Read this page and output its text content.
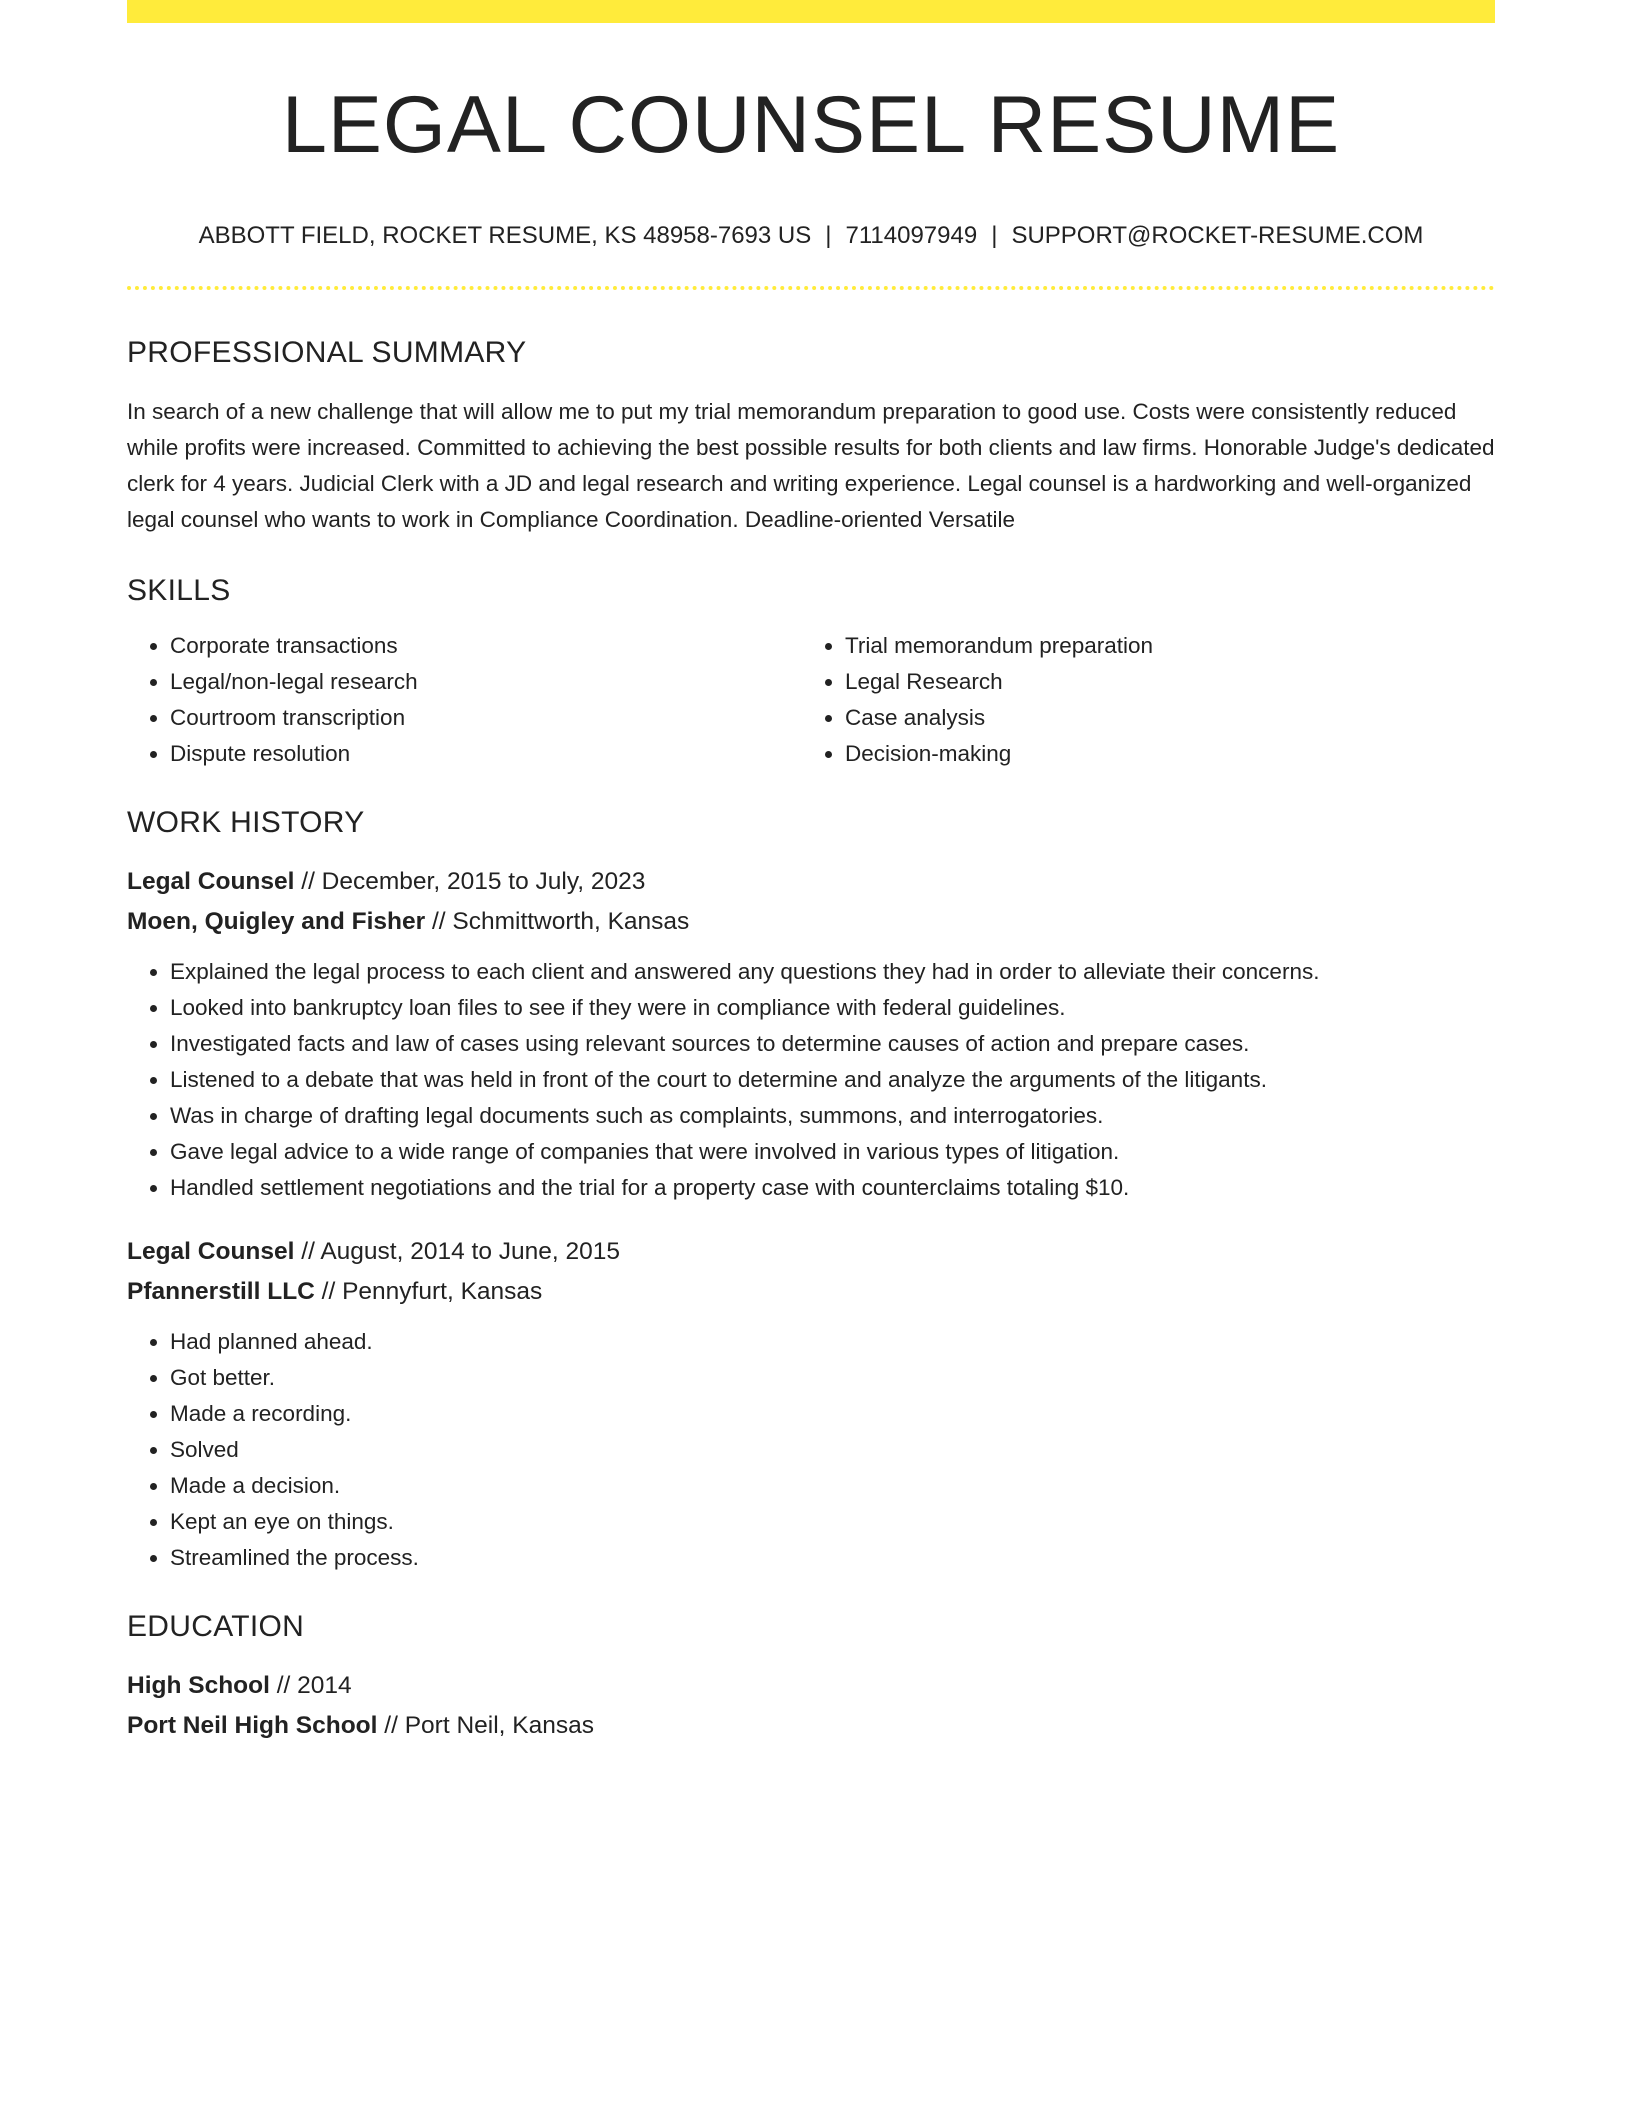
LEGAL COUNSEL RESUME
ABBOTT FIELD, ROCKET RESUME, KS 48958-7693 US | 7114097949 | SUPPORT@ROCKET-RESUME.COM
PROFESSIONAL SUMMARY

In search of a new challenge that will allow me to put my trial memorandum preparation to good use. Costs were consistently reduced while profits were increased. Committed to achieving the best possible results for both clients and law firms. Honorable Judge's dedicated clerk for 4 years. Judicial Clerk with a JD and legal research and writing experience. Legal counsel is a hardworking and well-organized legal counsel who wants to work in Compliance Coordination. Deadline-oriented Versatile

SKILLS
• Corporate transactions
• Legal/non-legal research
• Courtroom transcription
• Dispute resolution
• Trial memorandum preparation
• Legal Research
• Case analysis
• Decision-making
WORK HISTORY
Legal Counsel // December, 2015 to July, 2023
Moen, Quigley and Fisher // Schmittworth, Kansas
• Explained the legal process to each client and answered any questions they had in order to alleviate their concerns.
• Looked into bankruptcy loan files to see if they were in compliance with federal guidelines.
• Investigated facts and law of cases using relevant sources to determine causes of action and prepare cases.
• Listened to a debate that was held in front of the court to determine and analyze the arguments of the litigants.
• Was in charge of drafting legal documents such as complaints, summons, and interrogatories.
• Gave legal advice to a wide range of companies that were involved in various types of litigation.
• Handled settlement negotiations and the trial for a property case with counterclaims totaling $10.
Legal Counsel // August, 2014 to June, 2015
Pfannerstill LLC // Pennyfurt, Kansas
• Had planned ahead.
• Got better.
• Made a recording.
• Solved
• Made a decision.
• Kept an eye on things.
• Streamlined the process.
EDUCATION
High School // 2014
Port Neil High School // Port Neil, Kansas
